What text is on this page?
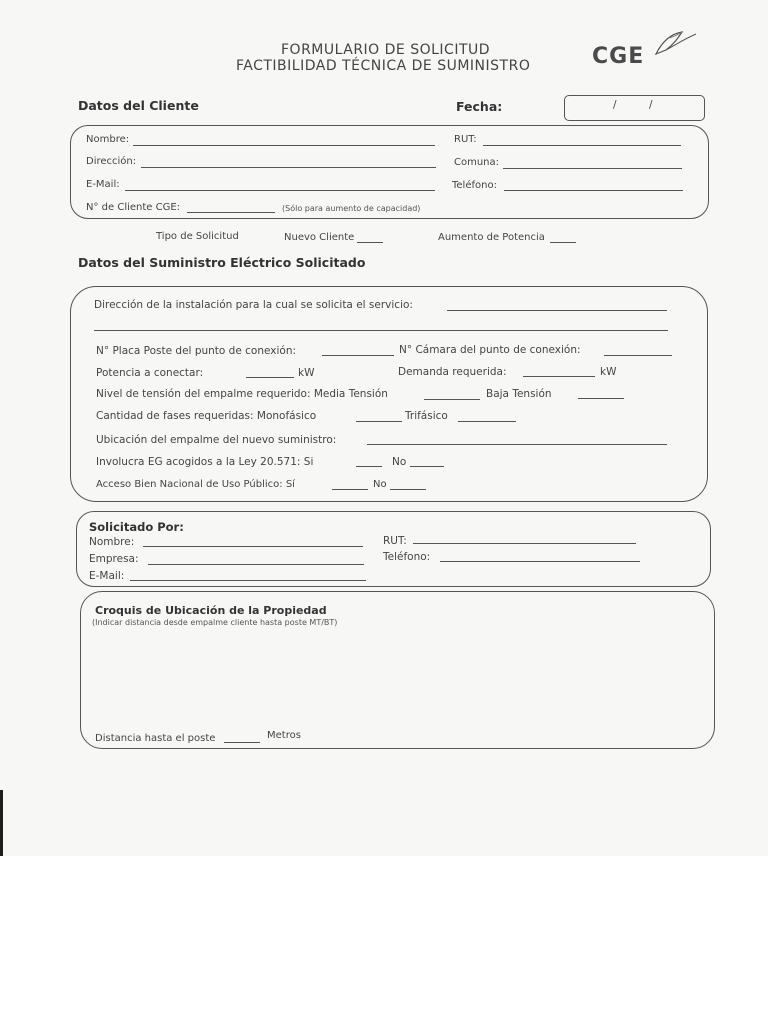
FORMULARIO DE SOLICITUD
FACTIBILIDAD TÉCNICA DE SUMINISTRO	CGE
Datos del Cliente	Fecha:	/	/
Nombre:	RUT:
Dirección:	Comuna:
E-Mail:	Teléfono:
N° de Cliente CGE:	(Sólo para aumento de capacidad)
Tipo de Solicitud	Nuevo Cliente	Aumento de Potencia
Datos del Suministro Eléctrico Solicitado
Dirección de la instalación para la cual se solicita el servicio:
N° Placa Poste del punto de conexión:	N° Cámara del punto de conexión:
Potencia a conectar:	kW	Demanda requerida:	kW
Nivel de tensión del empalme requerido: Media Tensión	Baja Tensión
Cantidad de fases requeridas: Monofásico	Trifásico
Ubicación del empalme del nuevo suministro:
Involucra EG acogidos a la Ley 20.571: Si	No
Acceso Bien Nacional de Uso Público: Sí	No
Solicitado Por:
Nombre:	RUT:
Empresa:	Teléfono:
E-Mail:
Croquis de Ubicación de la Propiedad
(Indicar distancia desde empalme cliente hasta poste MT/BT)
Distancia hasta el poste	Metros
